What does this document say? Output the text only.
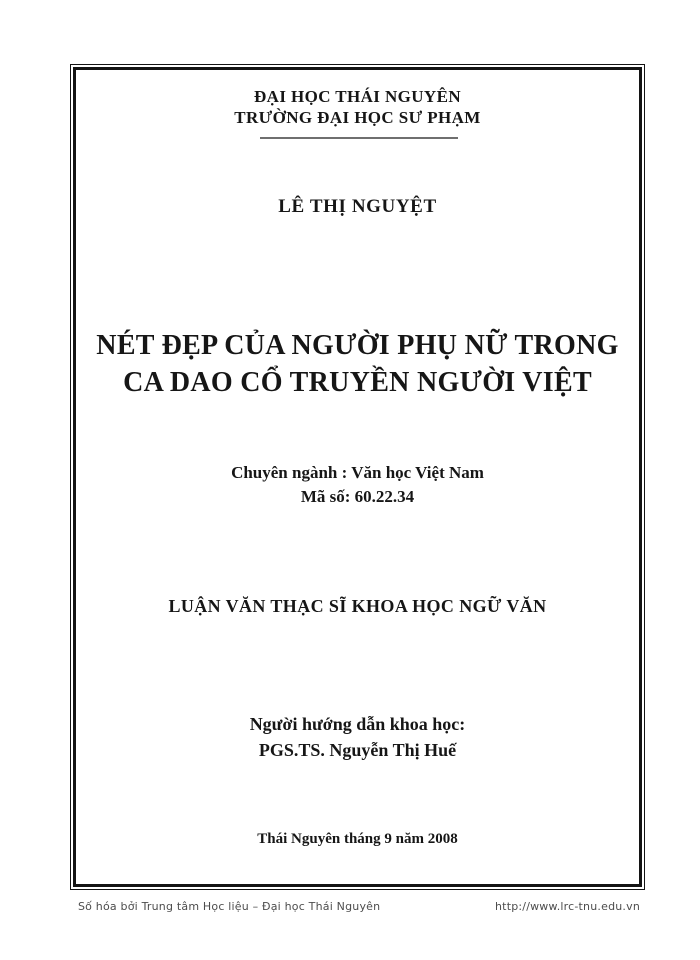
ĐẠI HỌC THÁI NGUYÊN
TRƯỜNG ĐẠI HỌC SƯ PHẠM
LÊ THỊ NGUYỆT
NÉT ĐẸP CỦA NGƯỜI PHỤ NỮ TRONG
CA DAO CỔ TRUYỀN NGƯỜI VIỆT
Chuyên ngành : Văn học Việt Nam
Mã số: 60.22.34
LUẬN VĂN THẠC SĨ KHOA HỌC NGỮ VĂN
Người hướng dẫn khoa học:
PGS.TS. Nguyễn Thị Huế
Thái Nguyên tháng 9 năm 2008
Số hóa bởi Trung tâm Học liệu – Đại học Thái Nguyên	http://www.lrc-tnu.edu.vn
